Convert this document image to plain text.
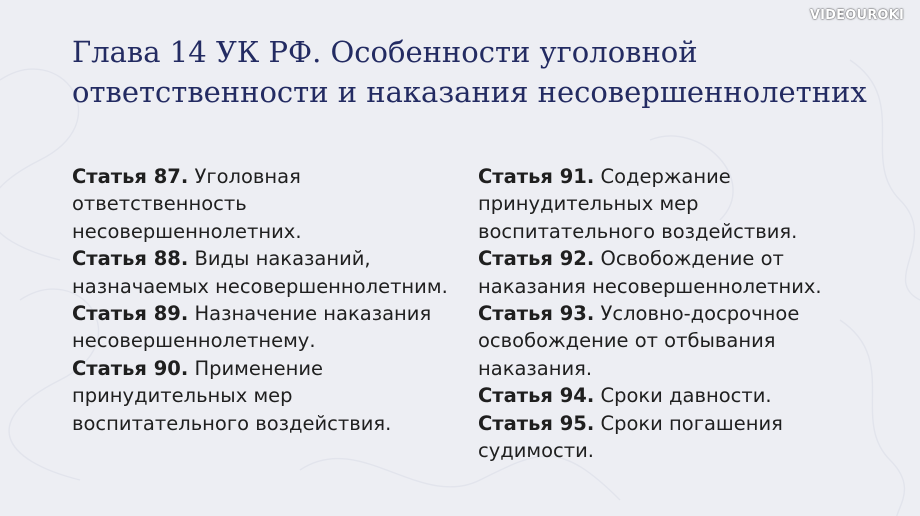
VIDEOUROKI
Глава 14 УК РФ. Особенности уголовной ответственности и наказания несовершеннолетних

Статья 87. Уголовная ответственность несовершеннолетних.

Статья 88. Виды наказаний, назначаемых несовершеннолетним.

Статья 89. Назначение наказания несовершеннолетнему.

Статья 90. Применение принудительных мер воспитательного воздействия.

Статья 91. Содержание принудительных мер воспитательного воздействия.

Статья 92. Освобождение от наказания несовершеннолетних.

Статья 93. Условно-досрочное освобождение от отбывания наказания.

Статья 94. Сроки давности.

Статья 95. Сроки погашения судимости.
